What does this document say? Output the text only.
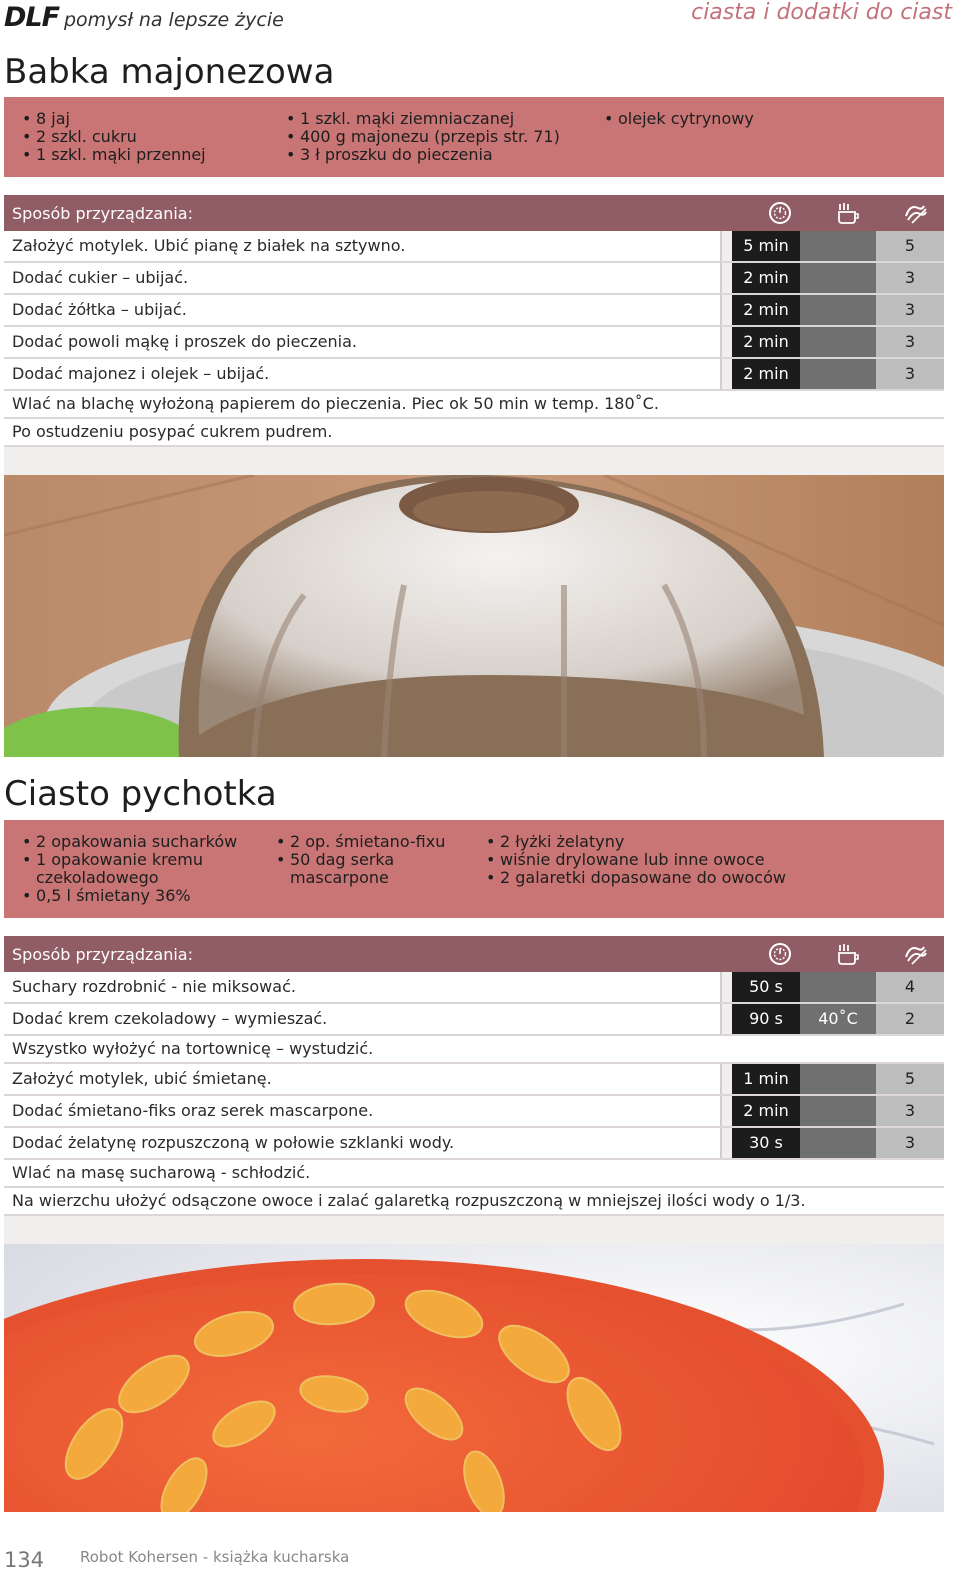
DLF pomysł na lepsze życie	ciasta i dodatki do ciast
Babka majonezowa
• 8 jaj
• 2 szkl. cukru
• 1 szkl. mąki przennej
• 1 szkl. mąki ziemniaczanej
• 400 g majonezu (przepis str. 71)
• 3 ł proszku do pieczenia
• olejek cytrynowy
Sposób przyrządzania:
Założyć motylek. Ubić pianę z białek na sztywno.	5 min	5
Dodać cukier – ubijać.	2 min	3
Dodać żółtka – ubijać.	2 min	3
Dodać powoli mąkę i proszek do pieczenia.	2 min	3
Dodać majonez i olejek – ubijać.	2 min	3
Wlać na blachę wyłożoną papierem do pieczenia. Piec ok 50 min w temp. 180˚C.
Po ostudzeniu posypać cukrem pudrem.
Ciasto pychotka
• 2 opakowania sucharków
• 1 opakowanie kremu czekoladowego
• 0,5 l śmietany 36%
• 2 op. śmietano-fixu
• 50 dag serka mascarpone
• 2 łyżki żelatyny
• wiśnie drylowane lub inne owoce
• 2 galaretki dopasowane do owoców
Sposób przyrządzania:
Suchary rozdrobnić - nie miksować.	50 s	4
Dodać krem czekoladowy – wymieszać.	90 s	40˚C	2
Wszystko wyłożyć na tortownicę – wystudzić.
Założyć motylek, ubić śmietanę.	1 min	5
Dodać śmietano-fiks oraz serek mascarpone.	2 min	3
Dodać żelatynę rozpuszczoną w połowie szklanki wody.	30 s	3
Wlać na masę sucharową - schłodzić.
Na wierzchu ułożyć odsączone owoce i zalać galaretką rozpuszczoną w mniejszej ilości wody o 1/3.
134 Robot Kohersen - książka kucharska
